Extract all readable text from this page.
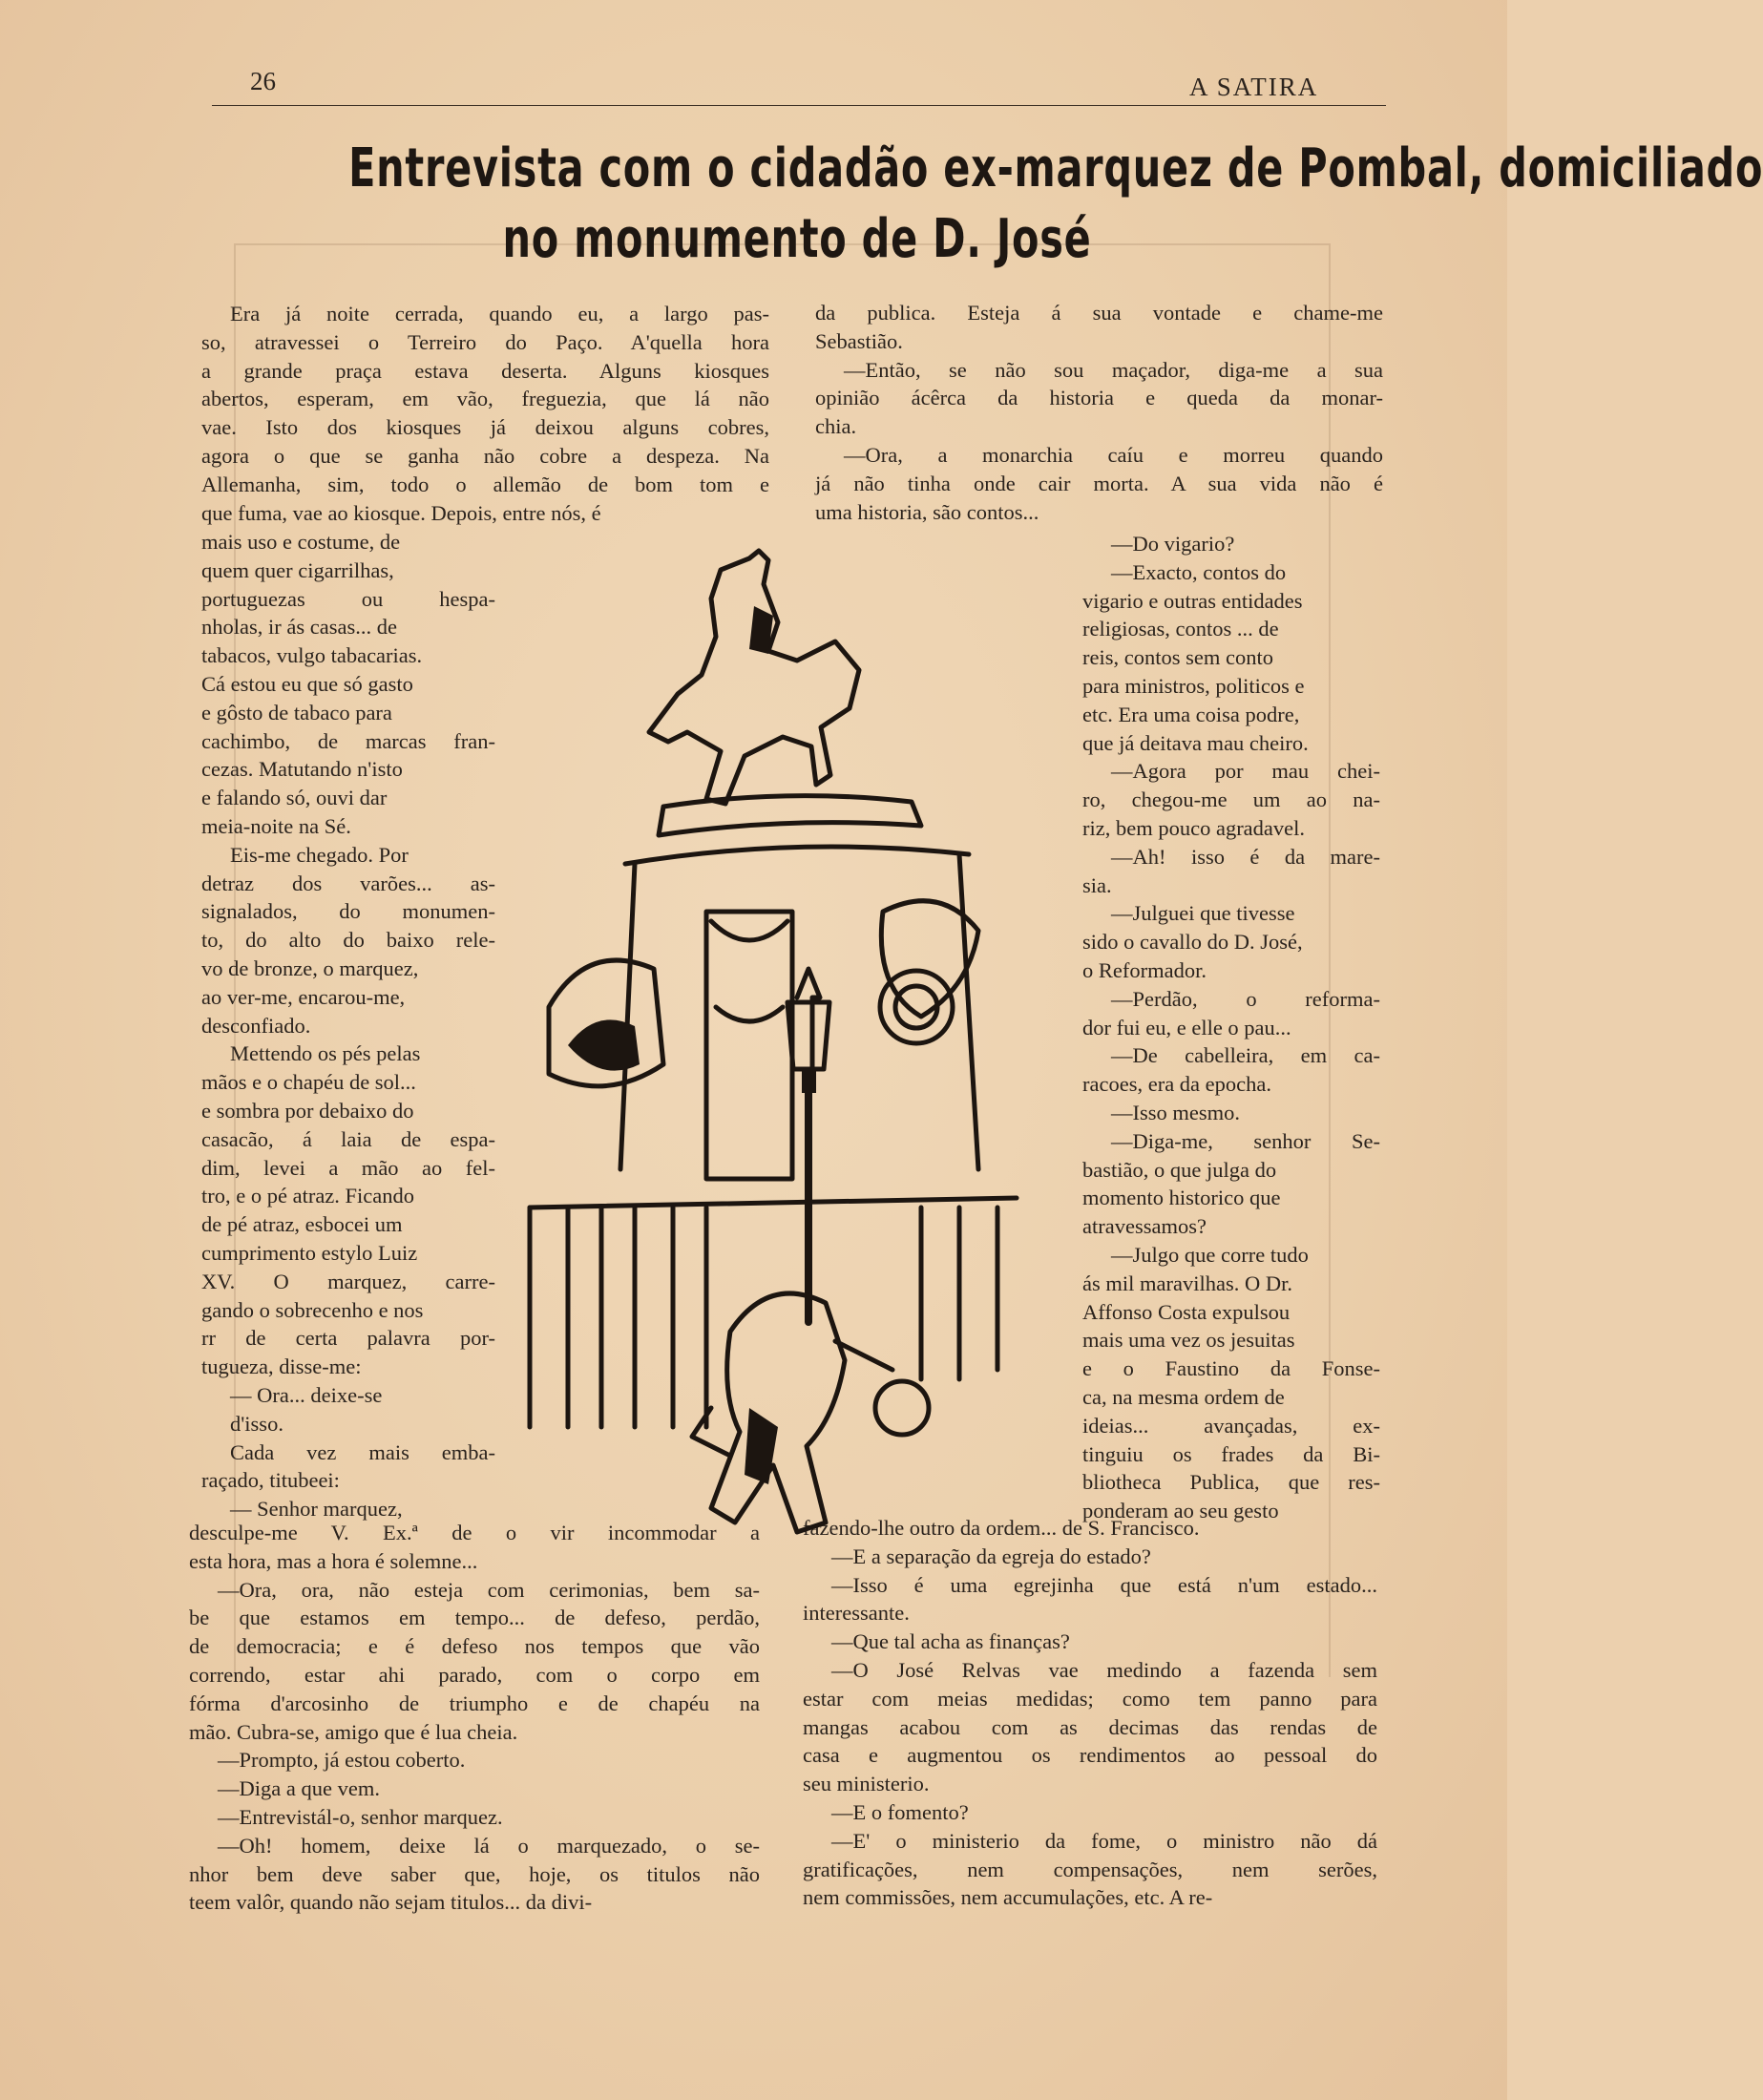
26	A SATIRA
Entrevista com o cidadão ex-marquez de Pombal, domiciliado
no monumento de D. José

Era já noite cerrada, quando eu, a largo pas-

so, atravessei o Terreiro do Paço. A'quella hora

a grande praça estava deserta. Alguns kiosques

abertos, esperam, em vão, freguezia, que lá não

vae. Isto dos kiosques já deixou alguns cobres,

agora o que se ganha não cobre a despeza. Na

Allemanha, sim, todo o allemão de bom tom e

que fuma, vae ao kiosque. Depois, entre nós, é

mais uso e costume, de

quem quer cigarrilhas,

portuguezas ou hespa-

nholas, ir ás casas... de

tabacos, vulgo tabacarias.

Cá estou eu que só gasto

e gôsto de tabaco para

cachimbo, de marcas fran-

cezas. Matutando n'isto

e falando só, ouvi dar

meia-noite na Sé.

Eis-me chegado. Por

detraz dos varões... as-

signalados, do monumen-

to, do alto do baixo rele-

vo de bronze, o marquez,

ao ver-me, encarou-me,

desconfiado.

Mettendo os pés pelas

mãos e o chapéu de sol...

e sombra por debaixo do

casacão, á laia de espa-

dim, levei a mão ao fel-

tro, e o pé atraz. Ficando

de pé atraz, esbocei um

cumprimento estylo Luiz

XV. O marquez, carre-

gando o sobrecenho e nos

rr de certa palavra por-

tugueza, disse-me:

— Ora... deixe-se

d'isso.

Cada vez mais emba-

raçado, titubeei:

— Senhor marquez,

desculpe-me V. Ex.ª de o vir incommodar a

esta hora, mas a hora é solemne...

—Ora, ora, não esteja com cerimonias, bem sa-

be que estamos em tempo... de defeso, perdão,

de democracia; e é defeso nos tempos que vão

correndo, estar ahi parado, com o corpo em

fórma d'arcosinho de triumpho e de chapéu na

mão. Cubra-se, amigo que é lua cheia.

—Prompto, já estou coberto.

—Diga a que vem.

—Entrevistál-o, senhor marquez.

—Oh! homem, deixe lá o marquezado, o se-

nhor bem deve saber que, hoje, os titulos não

teem valôr, quando não sejam titulos... da divi-

da publica. Esteja á sua vontade e chame-me

Sebastião.

—Então, se não sou maçador, diga-me a sua

opinião ácêrca da historia e queda da monar-

chia.

—Ora, a monarchia caíu e morreu quando

já não tinha onde cair morta. A sua vida não é

uma historia, são contos...

—Do vigario?

—Exacto, contos do

vigario e outras entidades

religiosas, contos ... de

reis, contos sem conto

para ministros, politicos e

etc. Era uma coisa podre,

que já deitava mau cheiro.

—Agora por mau chei-

ro, chegou-me um ao na-

riz, bem pouco agradavel.

—Ah! isso é da mare-

sia.

—Julguei que tivesse

sido o cavallo do D. José,

o Reformador.

—Perdão, o reforma-

dor fui eu, e elle o pau...

—De cabelleira, em ca-

racoes, era da epocha.

—Isso mesmo.

—Diga-me, senhor Se-

bastião, o que julga do

momento historico que

atravessamos?

—Julgo que corre tudo

ás mil maravilhas. O Dr.

Affonso Costa expulsou

mais uma vez os jesuitas

e o Faustino da Fonse-

ca, na mesma ordem de

ideias... avançadas, ex-

tinguiu os frades da Bi-

bliotheca Publica, que res-

ponderam ao seu gesto

fazendo-lhe outro da ordem... de S. Francisco.

—E a separação da egreja do estado?

—Isso é uma egrejinha que está n'um estado...

interessante.

—Que tal acha as finanças?

—O José Relvas vae medindo a fazenda sem

estar com meias medidas; como tem panno para

mangas acabou com as decimas das rendas de

casa e augmentou os rendimentos ao pessoal do

seu ministerio.

—E o fomento?

—E' o ministerio da fome, o ministro não dá

gratificações, nem compensações, nem serões,

nem commissões, nem accumulações, etc. A re-
